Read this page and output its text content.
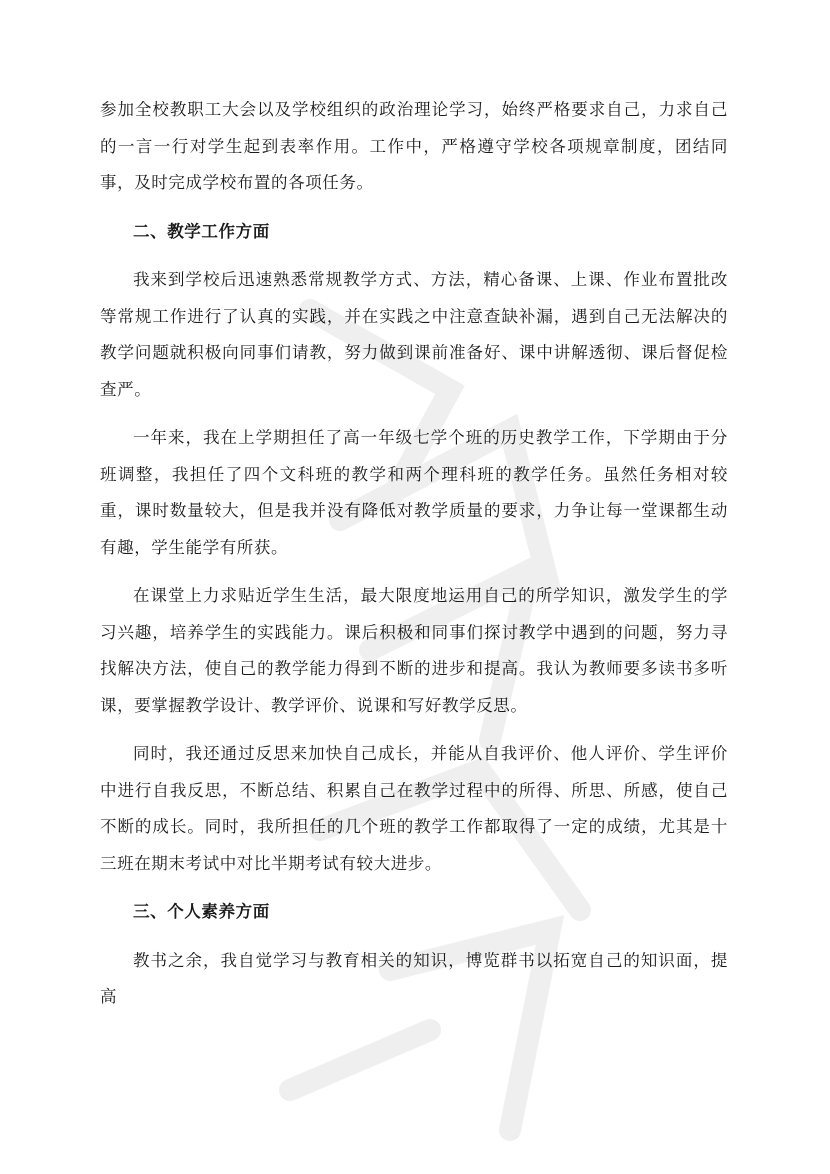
参加全校教职工大会以及学校组织的政治理论学习，始终严格要求自己，力求自己的一言一行对学生起到表率作用。工作中，严格遵守学校各项规章制度，团结同事，及时完成学校布置的各项任务。

二、教学工作方面

我来到学校后迅速熟悉常规教学方式、方法，精心备课、上课、作业布置批改等常规工作进行了认真的实践，并在实践之中注意查缺补漏，遇到自己无法解决的教学问题就积极向同事们请教，努力做到课前准备好、课中讲解透彻、课后督促检查严。

一年来，我在上学期担任了高一年级七学个班的历史教学工作，下学期由于分班调整，我担任了四个文科班的教学和两个理科班的教学任务。虽然任务相对较重，课时数量较大，但是我并没有降低对教学质量的要求，力争让每一堂课都生动有趣，学生能学有所获。

在课堂上力求贴近学生生活，最大限度地运用自己的所学知识，激发学生的学习兴趣，培养学生的实践能力。课后积极和同事们探讨教学中遇到的问题，努力寻找解决方法，使自己的教学能力得到不断的进步和提高。我认为教师要多读书多听课，要掌握教学设计、教学评价、说课和写好教学反思。

同时，我还通过反思来加快自己成长，并能从自我评价、他人评价、学生评价中进行自我反思，不断总结、积累自己在教学过程中的所得、所思、所感，使自己不断的成长。同时，我所担任的几个班的教学工作都取得了一定的成绩，尤其是十三班在期末考试中对比半期考试有较大进步。

三、个人素养方面

教书之余，我自觉学习与教育相关的知识，博览群书以拓宽自己的知识面，提高
